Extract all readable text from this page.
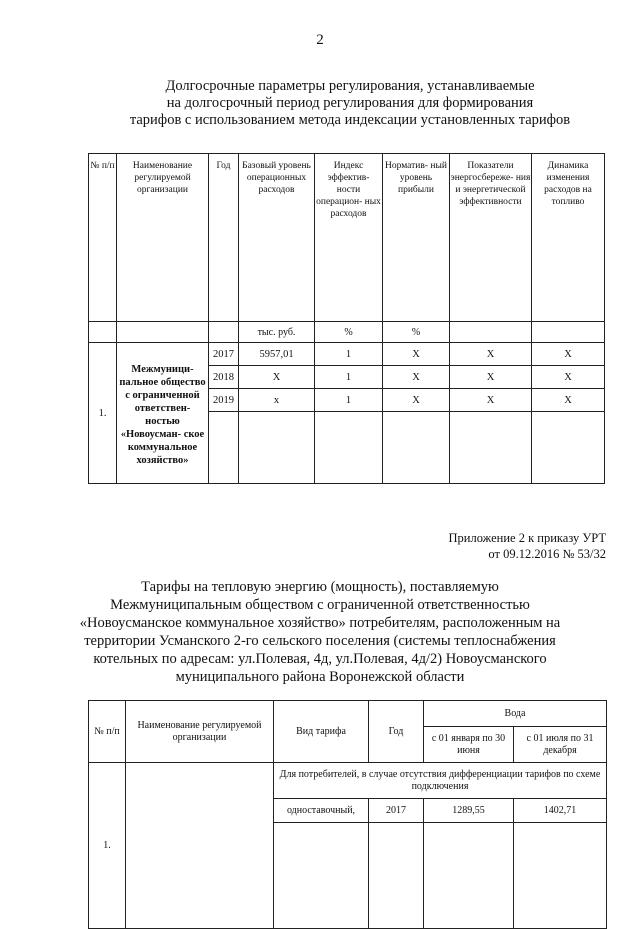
2
Долгосрочные параметры регулирования, устанавливаемые
на долгосрочный период регулирования для формирования
тарифов с использованием метода индексации установленных тарифов
№ п/п	Наименование регулируемой организации	Год	Базовый уровень операционных расходов	Индекс эффектив- ности операцион- ных расходов	Норматив- ный уровень прибыли	Показатели энергосбереже- ния и энергетической эффективности	Динамика изменения расходов на топливо
			тыс. руб.	%	%		
1.	Межмуници- пальное общество с ограниченной ответствен- ностью «Новоусман- ское коммунальное хозяйство»	2017	5957,01	1	X	X	X
		2018	X	1	X	X	X
		2019	x	1	X	X	X

Приложение 2 к приказу УРТ
от 09.12.2016 № 53/32
Тарифы на тепловую энергию (мощность), поставляемую
Межмуниципальным обществом с ограниченной ответственностью
«Новоусманское коммунальное хозяйство» потребителям, расположенным на
территории Усманского 2-го сельского поселения (системы теплоснабжения
котельных по адресам: ул.Полевая, 4д, ул.Полевая, 4д/2) Новоусманского
муниципального района Воронежской области
№ п/п	Наименование регулируемой организации	Вид тарифа	Год	Вода	
				с 01 января по 30 июня	с 01 июля по 31 декабря
1.		Для потребителей, в случае отсутствия дифференциации тарифов по схеме подключения			
		одноставочный,	2017	1289,55	1402,71
